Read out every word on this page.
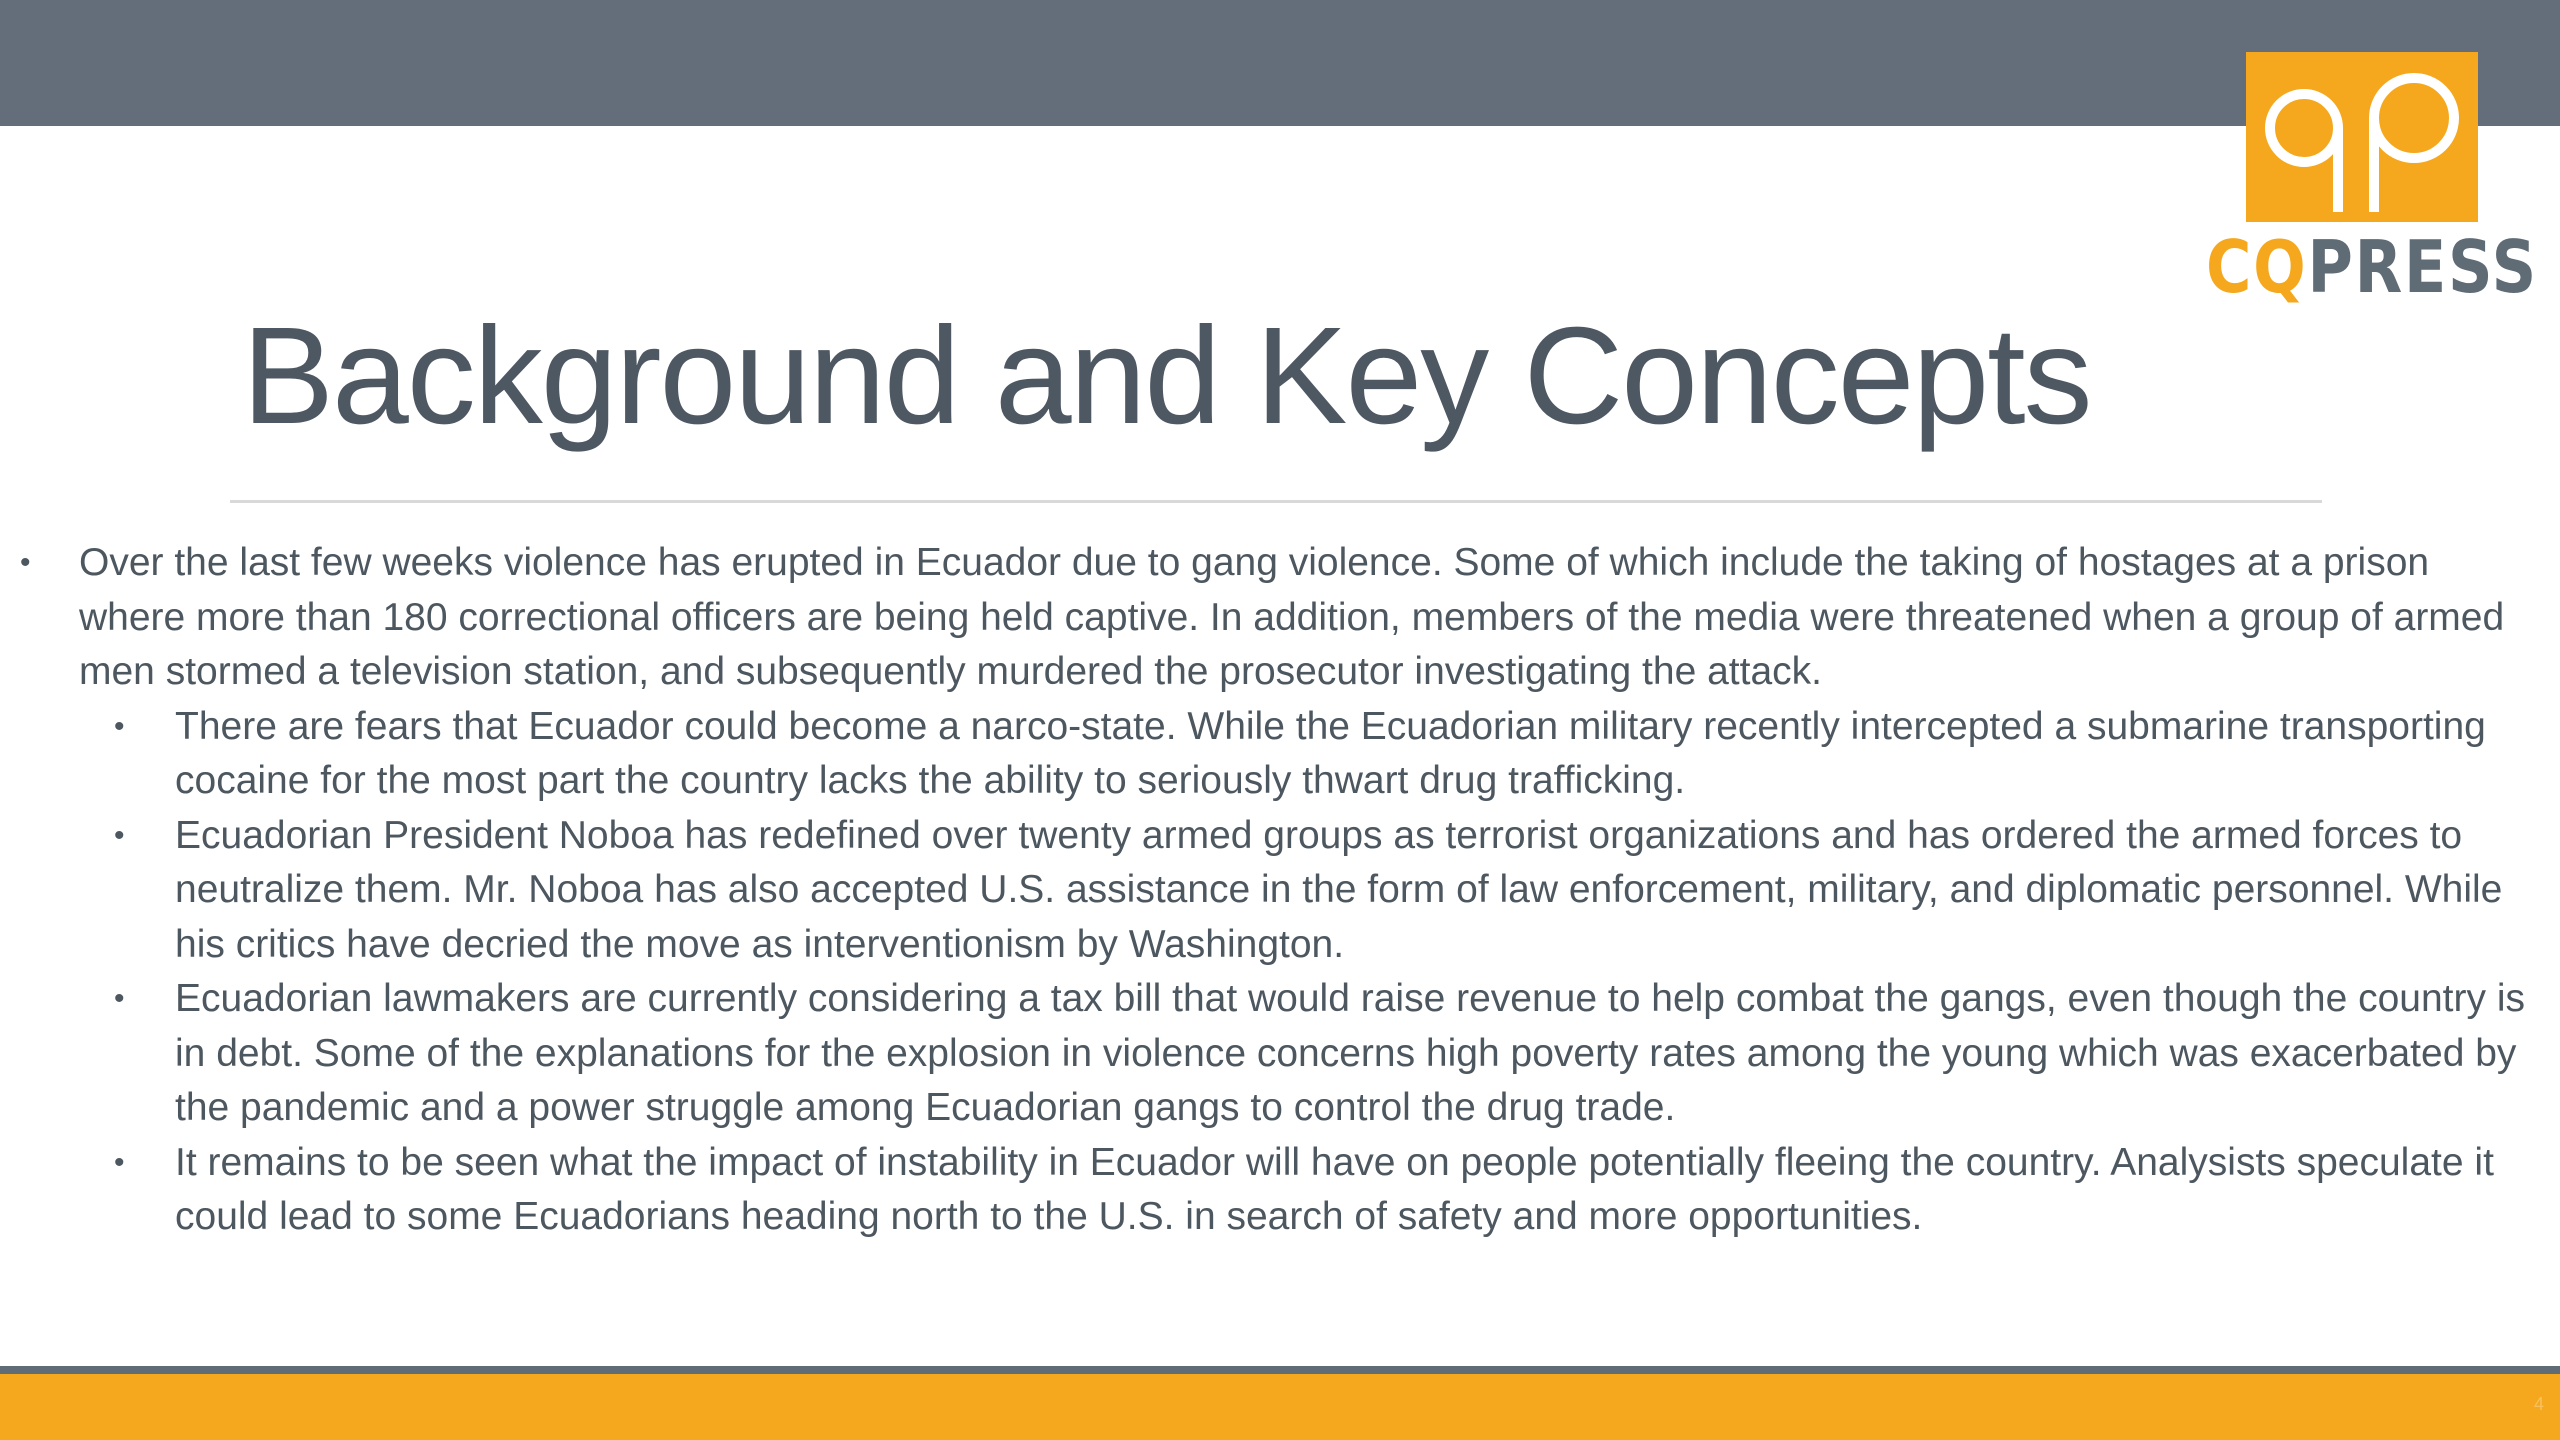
CQPRESS
Background and Key Concepts
• Over the last few weeks violence has erupted in Ecuador due to gang violence. Some of which include the taking of hostages at a prison where more than 180 correctional officers are being held captive. In addition, members of the media were threatened when a group of armed men stormed a television station, and subsequently murdered the prosecutor investigating the attack.
• There are fears that Ecuador could become a narco-state. While the Ecuadorian military recently intercepted a submarine transporting cocaine for the most part the country lacks the ability to seriously thwart drug trafficking.
• Ecuadorian President Noboa has redefined over twenty armed groups as terrorist organizations and has ordered the armed forces to neutralize them. Mr. Noboa has also accepted U.S. assistance in the form of law enforcement, military, and diplomatic personnel. While his critics have decried the move as interventionism by Washington.
• Ecuadorian lawmakers are currently considering a tax bill that would raise revenue to help combat the gangs, even though the country is in debt. Some of the explanations for the explosion in violence concerns high poverty rates among the young which was exacerbated by the pandemic and a power struggle among Ecuadorian gangs to control the drug trade.
• It remains to be seen what the impact of instability in Ecuador will have on people potentially fleeing the country. Analysists speculate it could lead to some Ecuadorians heading north to the U.S. in search of safety and more opportunities.
4
